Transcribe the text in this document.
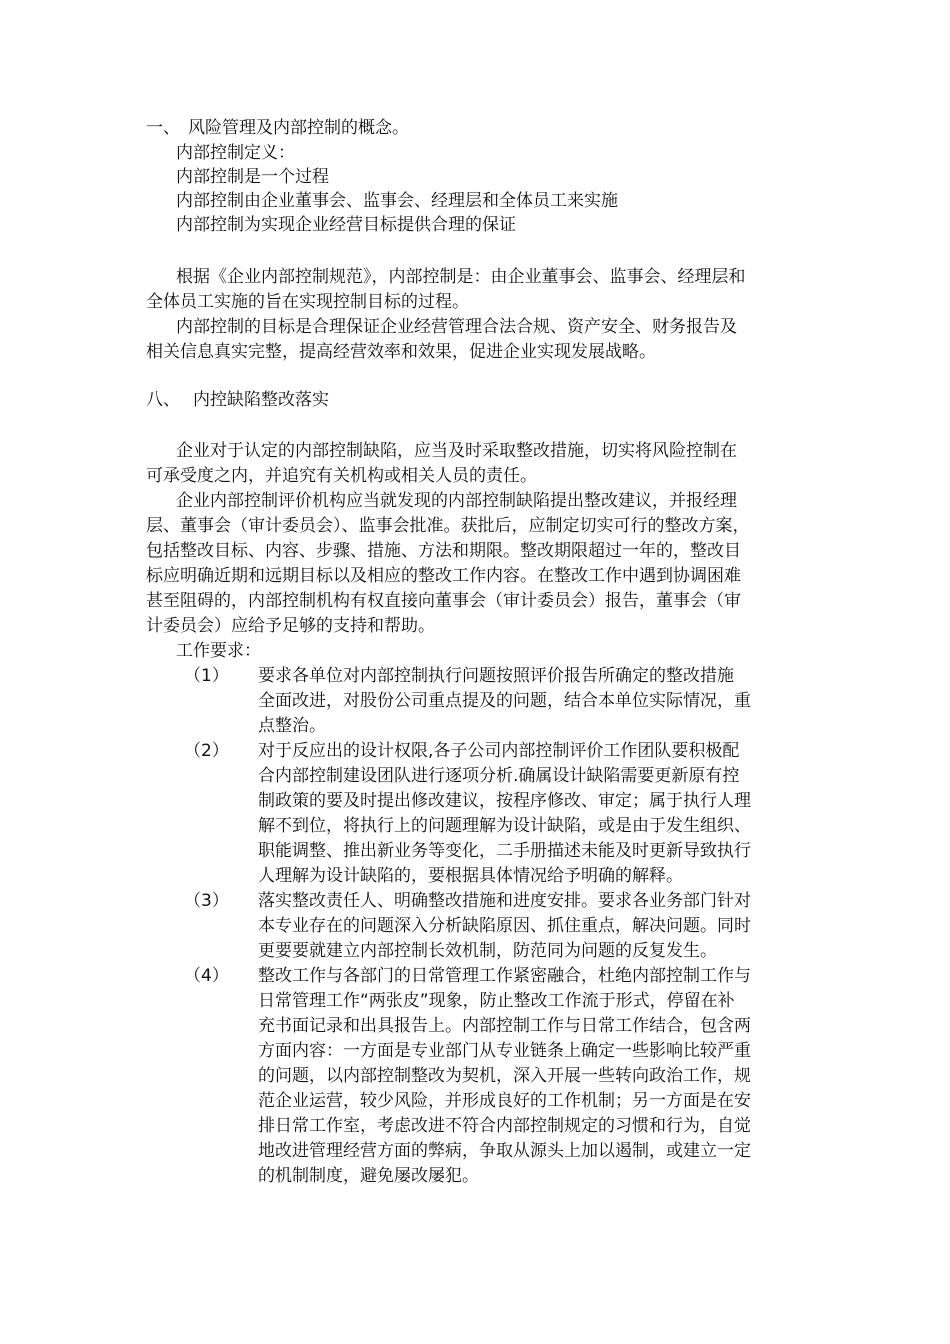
一、 风险管理及内部控制的概念。
内部控制定义：
内部控制是一个过程
内部控制由企业董事会、监事会、经理层和全体员工来实施
内部控制为实现企业经营目标提供合理的保证
根据《企业内部控制规范》，内部控制是：由企业董事会、监事会、经理层和
全体员工实施的旨在实现控制目标的过程。
内部控制的目标是合理保证企业经营管理合法合规、资产安全、财务报告及
相关信息真实完整，提高经营效率和效果，促进企业实现发展战略。
八、 内控缺陷整改落实
企业对于认定的内部控制缺陷，应当及时采取整改措施，切实将风险控制在
可承受度之内，并追究有关机构或相关人员的责任。
企业内部控制评价机构应当就发现的内部控制缺陷提出整改建议，并报经理
层、董事会（审计委员会）、监事会批准。获批后，应制定切实可行的整改方案，
包括整改目标、内容、步骤、措施、方法和期限。整改期限超过一年的，整改目
标应明确近期和远期目标以及相应的整改工作内容。在整改工作中遇到协调困难
甚至阻碍的，内部控制机构有权直接向董事会（审计委员会）报告，董事会（审
计委员会）应给予足够的支持和帮助。
工作要求：
（1） 要求各单位对内部控制执行问题按照评价报告所确定的整改措施
全面改进，对股份公司重点提及的问题，结合本单位实际情况，重
点整治。
（2） 对于反应出的设计权限,各子公司内部控制评价工作团队要积极配
合内部控制建设团队进行逐项分析.确属设计缺陷需要更新原有控
制政策的要及时提出修改建议，按程序修改、审定；属于执行人理
解不到位，将执行上的问题理解为设计缺陷，或是由于发生组织、
职能调整、推出新业务等变化，二手册描述未能及时更新导致执行
人理解为设计缺陷的，要根据具体情况给予明确的解释。
（3） 落实整改责任人、明确整改措施和进度安排。要求各业务部门针对
本专业存在的问题深入分析缺陷原因、抓住重点，解决问题。同时
更要要就建立内部控制长效机制，防范同为问题的反复发生。
（4） 整改工作与各部门的日常管理工作紧密融合，杜绝内部控制工作与
日常管理工作“两张皮”现象，防止整改工作流于形式，停留在补
充书面记录和出具报告上。内部控制工作与日常工作结合，包含两
方面内容：一方面是专业部门从专业链条上确定一些影响比较严重
的问题，以内部控制整改为契机，深入开展一些转向政治工作，规
范企业运营，较少风险，并形成良好的工作机制；另一方面是在安
排日常工作室，考虑改进不符合内部控制规定的习惯和行为，自觉
地改进管理经营方面的弊病，争取从源头上加以遏制，或建立一定
的机制制度，避免屡改屡犯。
